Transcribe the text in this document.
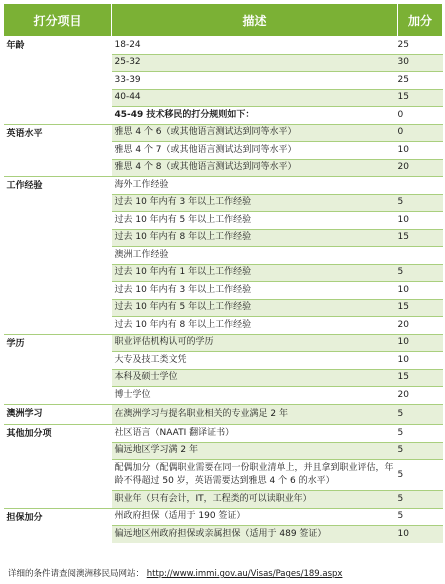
打分项目	描述	加分
年龄	18-24	25
	25-32	30
	33-39	25
	40-44	15
	45-49 技术移民的打分规则如下：	0
英语水平	雅思 4 个 6（或其他语言测试达到同等水平）	0
	雅思 4 个 7（或其他语言测试达到同等水平）	10
	雅思 4 个 8（或其他语言测试达到同等水平）	20
工作经验	海外工作经验	
	过去 10 年内有 3 年以上工作经验	5
	过去 10 年内有 5 年以上工作经验	10
	过去 10 年内有 8 年以上工作经验	15
	澳洲工作经验	
	过去 10 年内有 1 年以上工作经验	5
	过去 10 年内有 3 年以上工作经验	10
	过去 10 年内有 5 年以上工作经验	15
	过去 10 年内有 8 年以上工作经验	20
学历	职业评估机构认可的学历	10
	大专及技工类文凭	10
	本科及硕士学位	15
	博士学位	20
澳洲学习	在澳洲学习与提名职业相关的专业满足 2 年	5
其他加分项	社区语言（NAATI 翻译证书）	5
	偏远地区学习满 2 年	5
	配偶加分（配偶职业需要在同一份职业清单上，并且拿到职业评估，年龄不得超过 50 岁，英语需要达到雅思 4 个 6 的水平）	5
	职业年（只有会计，IT，工程类的可以读职业年）	5
担保加分	州政府担保（适用于 190 签证）	5
	偏远地区州政府担保或亲属担保（适用于 489 签证）	10
详细的条件请查阅澳洲移民局网站： http://www.immi.gov.au/Visas/Pages/189.aspx
